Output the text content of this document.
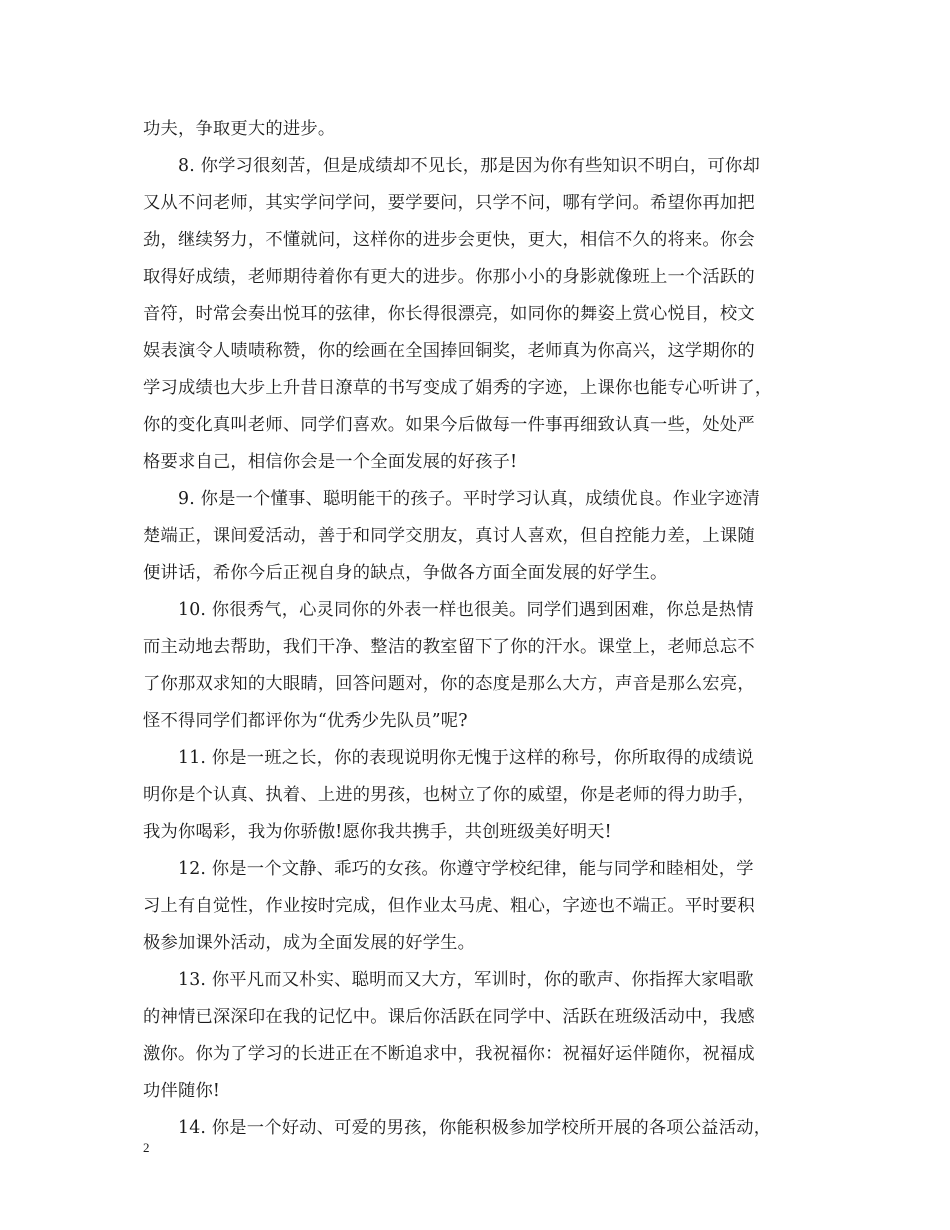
功夫，争取更大的进步。
8. 你学习很刻苦，但是成绩却不见长，那是因为你有些知识不明白，可你却
又从不问老师，其实学问学问，要学要问，只学不问，哪有学问。希望你再加把
劲，继续努力，不懂就问，这样你的进步会更快，更大，相信不久的将来。你会
取得好成绩，老师期待着你有更大的进步。你那小小的身影就像班上一个活跃的
音符，时常会奏出悦耳的弦律，你长得很漂亮，如同你的舞姿上赏心悦目，校文
娱表演令人啧啧称赞，你的绘画在全国捧回铜奖，老师真为你高兴，这学期你的
学习成绩也大步上升昔日潦草的书写变成了娟秀的字迹，上课你也能专心听讲了，
你的变化真叫老师、同学们喜欢。如果今后做每一件事再细致认真一些，处处严
格要求自己，相信你会是一个全面发展的好孩子!
9. 你是一个懂事、聪明能干的孩子。平时学习认真，成绩优良。作业字迹清
楚端正，课间爱活动，善于和同学交朋友，真讨人喜欢，但自控能力差，上课随
便讲话，希你今后正视自身的缺点，争做各方面全面发展的好学生。
10. 你很秀气，心灵同你的外表一样也很美。同学们遇到困难，你总是热情
而主动地去帮助，我们干净、整洁的教室留下了你的汗水。课堂上，老师总忘不
了你那双求知的大眼睛，回答问题对，你的态度是那么大方，声音是那么宏亮，
怪不得同学们都评你为“优秀少先队员”呢?
11. 你是一班之长，你的表现说明你无愧于这样的称号，你所取得的成绩说
明你是个认真、执着、上进的男孩，也树立了你的威望，你是老师的得力助手，
我为你喝彩，我为你骄傲!愿你我共携手，共创班级美好明天!
12. 你是一个文静、乖巧的女孩。你遵守学校纪律，能与同学和睦相处，学
习上有自觉性，作业按时完成，但作业太马虎、粗心，字迹也不端正。平时要积
极参加课外活动，成为全面发展的好学生。
13. 你平凡而又朴实、聪明而又大方，军训时，你的歌声、你指挥大家唱歌
的神情已深深印在我的记忆中。课后你活跃在同学中、活跃在班级活动中，我感
激你。你为了学习的长进正在不断追求中，我祝福你：祝福好运伴随你，祝福成
功伴随你!
14. 你是一个好动、可爱的男孩，你能积极参加学校所开展的各项公益活动，
2
